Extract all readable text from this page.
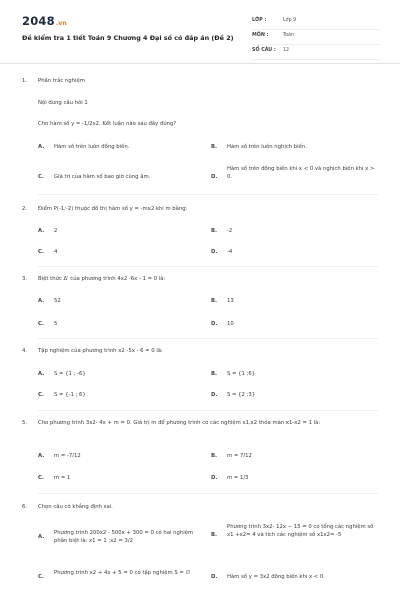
2048.vn
Đề kiểm tra 1 tiết Toán 9 Chương 4 Đại số có đáp án (Đề 2)
LỚP :	Lớp 9
MÔN :	Toán
SỐ CÂU : 12
1. Phần trắc nghiệm
Nội dung câu hỏi 1
Cho hàm số y = -1/2x2. Kết luận nào sau đây đúng?
A. Hàm số trên luôn đồng biến.	B. Hàm số trên luôn nghịch biến.
C. Giá trị của hàm số bao giờ cũng âm.	D.
Hàm số trên đồng biến khi x < 0 và nghịch biến khi x > 0.
2. Điểm P(-1;-2) thuộc đồ thị hàm số y = -mx2 khi m bằng:
A. 2	B. -2
C. 4	D. -4
3. Biệt thức Δ' của phương trình 4x2 -6x - 1 = 0 là:
A. 52	B. 13
C. 5	D. 10
4. Tập nghiệm của phương trình x2 -5x - 6 = 0 là:
A. S = {1 ; -6}	B. S = {1 ;6}
C. S = {-1 ; 6}	D. S = {2 ;3}
5. Cho phương trình 3x2- 4x + m = 0. Giá trị m để phương trình có các nghiệm x1,x2 thỏa mãn x1-x2 = 1 là:
A. m = -7/12	B. m = 7/12
C. m = 1	D. m = 1/3
6. Chọn câu có khẳng định sai.
A.
Phương trình 200x2 - 500x + 300 = 0 có hai nghiệm phân biệt là: x1 = 1 ;x2 = 3/2
B.
Phương trình 3x2- 12x − 15 = 0 có tổng các nghiệm số x1 +x2= 4 và tích các nghiệm số x1x2= -5
C.
Phương trình x2 + 4x + 5 = 0 có tập nghiệm S = ∅
D. Hàm số y = 3x2 đồng biến khi x < 0.
